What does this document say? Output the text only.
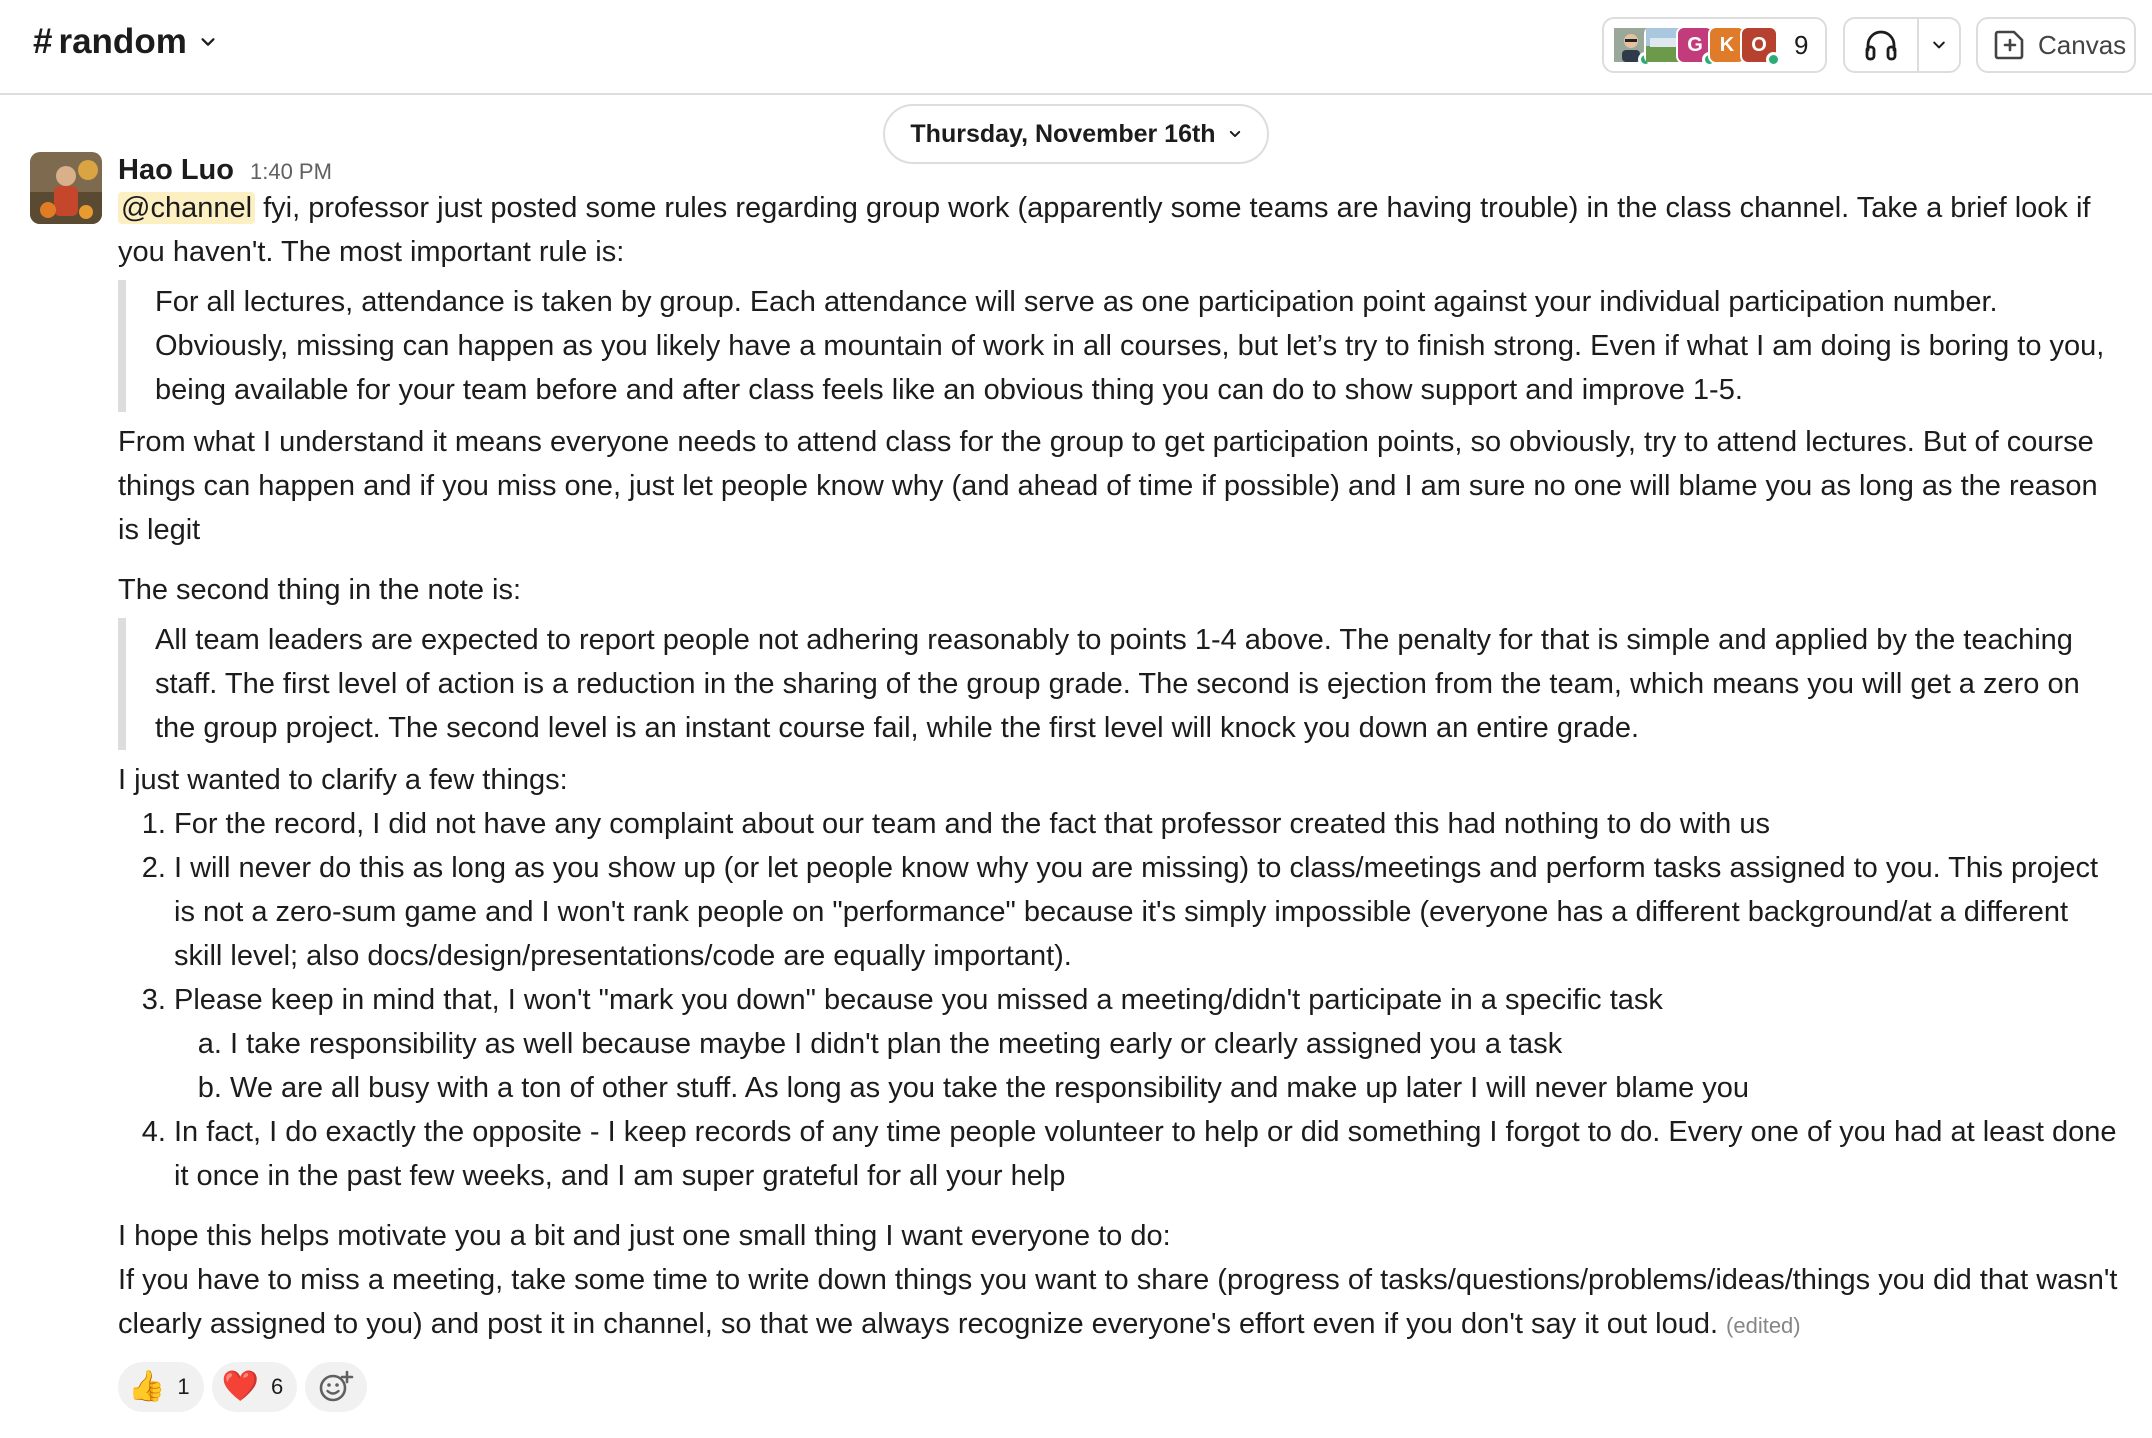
# random	G K O 9	Canvas
Thursday, November 16th
Hao Luo 1:40 PM

@channel fyi, professor just posted some rules regarding group work (apparently some teams are having trouble) in the class channel. Take a brief look if you haven't. The most important rule is:

For all lectures, attendance is taken by group. Each attendance will serve as one participation point against your individual participation number. Obviously, missing can happen as you likely have a mountain of work in all courses, but let’s try to finish strong. Even if what I am doing is boring to you, being available for your team before and after class feels like an obvious thing you can do to show support and improve 1-5.

From what I understand it means everyone needs to attend class for the group to get participation points, so obviously, try to attend lectures. But of course things can happen and if you miss one, just let people know why (and ahead of time if possible) and I am sure no one will blame you as long as the reason is legit

The second thing in the note is:

All team leaders are expected to report people not adhering reasonably to points 1-4 above. The penalty for that is simple and applied by the teaching staff. The first level of action is a reduction in the sharing of the group grade. The second is ejection from the team, which means you will get a zero on the group project. The second level is an instant course fail, while the first level will knock you down an entire grade.

I just wanted to clarify a few things:

1. For the record, I did not have any complaint about our team and the fact that professor created this had nothing to do with us
2. I will never do this as long as you show up (or let people know why you are missing) to class/meetings and perform tasks assigned to you. This project is not a zero-sum game and I won't rank people on "performance" because it's simply impossible (everyone has a different background/at a different skill level; also docs/design/presentations/code are equally important).
3. Please keep in mind that, I won't "mark you down" because you missed a meeting/didn't participate in a specific task
a. I take responsibility as well because maybe I didn't plan the meeting early or clearly assigned you a task
b. We are all busy with a ton of other stuff. As long as you take the responsibility and make up later I will never blame you
4. In fact, I do exactly the opposite - I keep records of any time people volunteer to help or did something I forgot to do. Every one of you had at least done it once in the past few weeks, and I am super grateful for all your help

I hope this helps motivate you a bit and just one small thing I want everyone to do:

If you have to miss a meeting, take some time to write down things you want to share (progress of tasks/questions/problems/ideas/things you did that wasn't clearly assigned to you) and post it in channel, so that we always recognize everyone's effort even if you don't say it out loud. (edited)

👍 1 ❤️ 6
